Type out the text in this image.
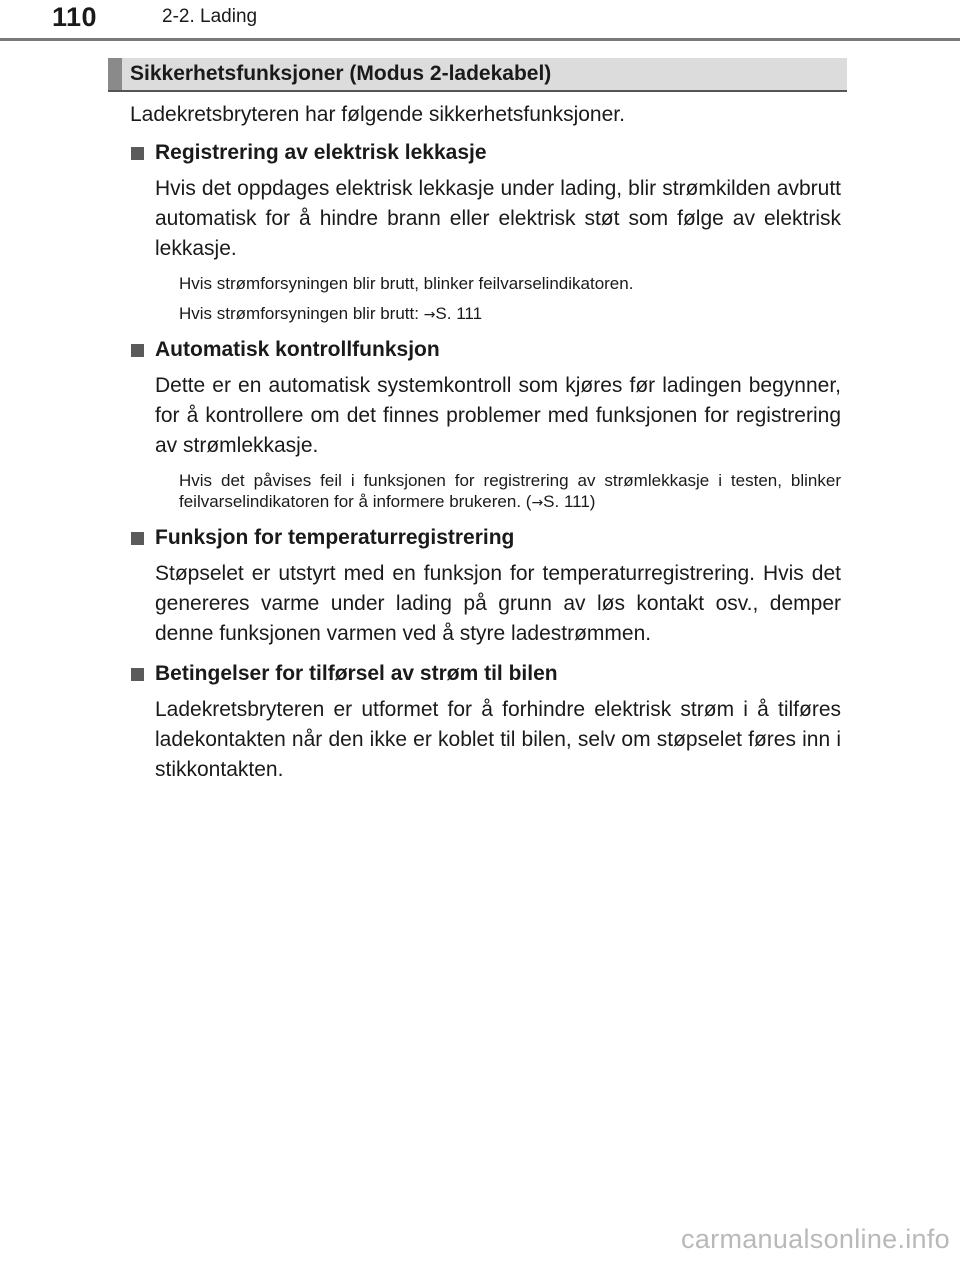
110	2-2. Lading
Sikkerhetsfunksjoner (Modus 2-ladekabel)

Ladekretsbryteren har følgende sikkerhetsfunksjoner.

Registrering av elektrisk lekkasje

Hvis det oppdages elektrisk lekkasje under lading, blir strømkilden avbrutt automatisk for å hindre brann eller elektrisk støt som følge av elektrisk lekkasje.

Hvis strømforsyningen blir brutt, blinker feilvarselindikatoren.

Hvis strømforsyningen blir brutt: →S. 111

Automatisk kontrollfunksjon

Dette er en automatisk systemkontroll som kjøres før ladingen begynner, for å kontrollere om det finnes problemer med funksjonen for registrering av strømlekkasje.

Hvis det påvises feil i funksjonen for registrering av strømlekkasje i testen, blinker feilvarselindikatoren for å informere brukeren. (→S. 111)

Funksjon for temperaturregistrering

Støpselet er utstyrt med en funksjon for temperaturregistrering. Hvis det genereres varme under lading på grunn av løs kontakt osv., demper denne funksjonen varmen ved å styre ladestrømmen.

Betingelser for tilførsel av strøm til bilen

Ladekretsbryteren er utformet for å forhindre elektrisk strøm i å tilføres ladekontakten når den ikke er koblet til bilen, selv om støpselet føres inn i stikkontakten.

carmanualsonline.info
